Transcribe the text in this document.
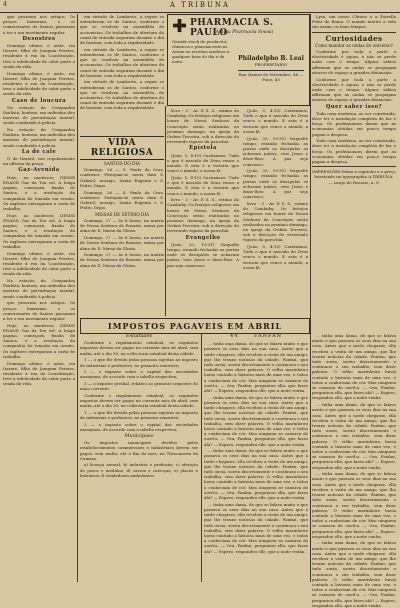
4	A TRIBUNA

que pesavam nos artigos. Os preços baixaram, e os comerciantes de Santos passaram a ter o seu movimento regular.

Desostres

Domingo ultimo, ó noite, em Itararé, filha de Joaquim Pereira, residente á rua da Constituição, teve a infelicidade de cahir parte a senda da vida.

Domingo ultimo, ó noite, em Itararé, filha de Joaquim Pereira, residente á rua da Constituição, teve a infelicidade de cahir parte a senda da vida.

Caso de loucura

Na estação da Companhia Paulista, hontem, um individuo deu mostras de perturbação mental, sendo conduzido á policia.

Na estação da Companhia Paulista, hontem, um individuo deu mostras de perturbação mental, sendo conduzido á policia.

La de cale

O de Itararé, vae regularmente na officina da praça.

Gaz-Avenida

Hoje, ao anoitecer, DESDE ENAND Gaz da Tou sol. A longa pagina, começará, fixada de Santos, e a resolução da companhia foi tomada em sessão. Os ingleses entregaram a carta de trabalho.

Hoje, ao anoitecer, DESDE ENAND Gaz da Tou sol. A longa pagina, começará, fixada de Santos, e a resolução da companhia foi tomada em sessão. Os ingleses entregaram a carta de trabalho.

Domingo ultimo, ó noite, em Itararé, filha de Joaquim Pereira, residente á rua da Constituição, teve a infelicidade de cahir parte a senda da vida.

Na estação da Companhia Paulista, hontem, um individuo deu mostras de perturbação mental, sendo conduzido á policia.

que pesavam nos artigos. Os preços baixaram, e os comerciantes de Santos passaram a ter o seu movimento regular.

Hoje, ao anoitecer, DESDE ENAND Gaz da Tou sol. A longa pagina, começará, fixada de Santos, e a resolução da companhia foi tomada em sessão. Os ingleses entregaram a carta de trabalho.

Domingo ultimo, ó noite, em Itararé, filha de Joaquim Pereira, residente á rua da Constituição, teve a infelicidade de cahir parte a senda da vida.

em virtude de Lamberto, a seguir se entenderam os de Santos, conforme o que se resolveu na assembléa de accionistas. Os trabalhos de abertura do canal de entrada seguiram durante o dia de hontem, com toda a regularidade.

em virtude de Lamberto, a seguir se entenderam os de Santos, conforme o que se resolveu na assembléa de accionistas. Os trabalhos de abertura do canal de entrada seguiram durante o dia de hontem, com toda a regularidade.

em virtude de Lamberto, a seguir se entenderam os de Santos, conforme o que se resolveu na assembléa de accionistas. Os trabalhos de abertura do canal de entrada seguiram durante o dia de hontem, com toda a regularidade.

VIDA RELIGIOSA
SANTOS DO DIA

Domingo, 26 — S. Paulo da Cruz, confessor. Festejam-se nesta data S. Gabriel, arcanjo, Santa Eugenia e S. Pedro, bispo.

Domingo, 26 — S. Paulo da Cruz, confessor. Festejam-se nesta data S. Gabriel, arcanjo, Santa Eugenia e S. Pedro, bispo.

MISSAS DE SÉTIMO DIA

Domingo, 27 — ás 8 horas, na matriz de Nossa Senhora do Rosario, missa por alma de D. Maria da Gloria.

Domingo, 27 — ás 8 horas, na matriz de Nossa Senhora do Rosario, missa por alma de D. Maria da Gloria.

Domingo, 27 — ás 8 horas, na matriz de Nossa Senhora do Rosario, missa por alma de D. Maria da Gloria.

PHARMACIA S. PAULO
(Antiga Pharmacia Sousa)
Grande stock de productos chimicos e pharmaceuticos. Aviam-se receitas medicas a qualquer hora do dia e da noite.	Philadelpho B. Leal
PROPRIETARIO
Rua Quinze de Novembro, 46 — Fone, 43

livro - 3 - Av. E S. S., estimo do Cambuhy. Os festejos religiosos em honra de Nossa Senhora da Conceição serão realizados no proximo domingo, na igreja da Ordem Terceira, sob a direcção do reverendo vigario da parochia.

Epístola

(João, 5, 4-10) Caríssimos: Tudo o que é nascido de Deus vence o mundo. E esta é a victoria que vence o mundo, a nossa fé.

(João, 5, 4-10) Caríssimos: Tudo o que é nascido de Deus vence o mundo. E esta é a victoria que vence o mundo, a nossa fé.

livro - 3 - Av. E S. S., estimo do Cambuhy. Os festejos religiosos em honra de Nossa Senhora da Conceição serão realizados no proximo domingo, na igreja da Ordem Terceira, sob a direcção do reverendo vigario da parochia.

Evangelho

(João, 20, 19-31) Naquelle tempo, estando fechadas as portas onde os discipulos se achavam juntos, veio Jesus e disse-lhes: A paz seja comvosco.

(João, 5, 4-10) Caríssimos: Tudo o que é nascido de Deus vence o mundo. E esta é a victoria que vence o mundo, a nossa fé.

(João, 20, 19-31) Naquelle tempo, estando fechadas as portas onde os discipulos se achavam juntos, veio Jesus e disse-lhes: A paz seja comvosco.

(João, 20, 19-31) Naquelle tempo, estando fechadas as portas onde os discipulos se achavam juntos, veio Jesus e disse-lhes: A paz seja comvosco.

livro - 3 - Av. E S. S., estimo do Cambuhy. Os festejos religiosos em honra de Nossa Senhora da Conceição serão realizados no proximo domingo, na igreja da Ordem Terceira, sob a direcção do reverendo vigario da parochia.

(João, 5, 4-10) Caríssimos: Tudo o que é nascido de Deus vence o mundo. E esta é a victoria que vence o mundo, a nossa fé.

Lyra, um nosso Christo e a Estrella Polar de Roma. O mundo inteiro a vida são assim, os bons tempos.

Curiosidades
Como mandar as ondas do universo?

Conforme por toda a parte a electricidade é agora, e não se perde nada com o tempo. Alguns sábios affirmam que as ondas se propagam atravez do espaço a grandes distancias.

Conforme por toda a parte a electricidade é agora, e não se perde nada com o tempo. Alguns sábios affirmam que as ondas se propagam atravez do espaço a grandes distancias.

Quer saber isso?

Toda casa moderna, ao ser construida, deve ter a instalação completa de luz e força. Os profissionaes dizem que as economias obtidas em pouco tempo pagam a despesa.

Toda casa moderna, ao ser construida, deve ter a instalação completa de luz e força. Os profissionaes dizem que as economias obtidas em pouco tempo pagam a despesa.

IMPRESSÕES feitas a capricho e o preço barateado na typographia A TRIBUNA. — Largo do Rosario, n. 9.

IMPOSTOS PAGAVEIS EM ABRIL
Estaduaes

Conforme o regulamento estadoal, os seguintes impostos devem ser pagos no corrente mez de abril, sem multa, até o dia 30, na collectoria estadoal desta cidade.

1 — o que fôr devido pelas pessoas sujeitas ao imposto de industrias e profissões, no primeiro semestre;

2 — o imposto sobre o capital das sociedades anonymas, de accordo com a tabella respectiva;

3 — o imposto predial, relativo ao primeiro semestre do anno corrente.

Conforme o regulamento estadoal, os seguintes impostos devem ser pagos no corrente mez de abril, sem multa, até o dia 30, na collectoria estadoal desta cidade.

1 — o que fôr devido pelas pessoas sujeitas ao imposto de industrias e profissões, no primeiro semestre;

2 — o imposto sobre o capital das sociedades anonymas, de accordo com a tabella respectiva;

Municipaes

Os impostos municipaes devidos pelos estabelecimentos commerciaes e industriaes devem ser pagos, sem multa, até o fim do mez, na Thesouraria da Camara.

a) licença annual; b) industria e profissão; c) aferição de pesos e medidas; d) carros e carroças; e) placas e lettreiros; f) vendedores ambulantes.

44	FANFAN

... tinha uma dama, de que se falava muito e que passava os seus dias na sua casa. Antes que a tarde chegasse, ella recebeu a visita de um amigo, que lhe trouxe noticias da cidade. Fanfan, que tudo ouvia, sorriu discretamente e continuou o seu trabalho, sem dizer palavra. O velho marinheiro havia contado a historia mais de uma vez, e todos a conheciam de cór. Mas ninguem se cansava de ouvil-a. — Ora, Fanfan, perguntou ella, que fazes ahi? — Espero, respondeu elle, que a noite venha.

... tinha uma dama, de que se falava muito e que passava os seus dias na sua casa. Antes que a tarde chegasse, ella recebeu a visita de um amigo, que lhe trouxe noticias da cidade. Fanfan, que tudo ouvia, sorriu discretamente e continuou o seu trabalho, sem dizer palavra. O velho marinheiro havia contado a historia mais de uma vez, e todos a conheciam de cór. Mas ninguem se cansava de ouvil-a. — Ora, Fanfan, perguntou ella, que fazes ahi? — Espero, respondeu elle, que a noite venha.

... tinha uma dama, de que se falava muito e que passava os seus dias na sua casa. Antes que a tarde chegasse, ella recebeu a visita de um amigo, que lhe trouxe noticias da cidade. Fanfan, que tudo ouvia, sorriu discretamente e continuou o seu trabalho, sem dizer palavra. O velho marinheiro havia contado a historia mais de uma vez, e todos a conheciam de cór. Mas ninguem se cansava de ouvil-a. — Ora, Fanfan, perguntou ella, que fazes ahi? — Espero, respondeu elle, que a noite venha.

... tinha uma dama, de que se falava muito e que passava os seus dias na sua casa. Antes que a tarde chegasse, ella recebeu a visita de um amigo, que lhe trouxe noticias da cidade. Fanfan, que tudo ouvia, sorriu discretamente e continuou o seu trabalho, sem dizer palavra. O velho marinheiro havia contado a historia mais de uma vez, e todos a conheciam de cór. Mas ninguem se cansava de ouvil-a. — Ora, Fanfan, perguntou ella, que fazes ahi? — Espero, respondeu elle, que a noite venha.

... tinha uma dama, de que se falava muito e que passava os seus dias na sua casa. Antes que a tarde chegasse, ella recebeu a visita de um amigo, que lhe trouxe noticias da cidade. Fanfan, que tudo ouvia, sorriu discretamente e continuou o seu trabalho, sem dizer palavra. O velho marinheiro havia contado a historia mais de uma vez, e todos a conheciam de cór. Mas ninguem se cansava de ouvil-a. — Ora, Fanfan, perguntou ella, que fazes ahi? — Espero, respondeu elle, que a noite venha.

... tinha uma dama, de que se falava muito e que passava os seus dias na sua casa. Antes que a tarde chegasse, ella recebeu a visita de um amigo, que lhe trouxe noticias da cidade. Fanfan, que tudo ouvia, sorriu discretamente e continuou o seu trabalho, sem dizer palavra. O velho marinheiro havia contado a historia mais de uma vez, e todos a conheciam de cór. Mas ninguem se cansava de ouvil-a. — Ora, Fanfan, perguntou ella, que fazes ahi? — Espero, respondeu elle, que a noite venha.

... tinha uma dama, de que se falava muito e que passava os seus dias na sua casa. Antes que a tarde chegasse, ella recebeu a visita de um amigo, que lhe trouxe noticias da cidade. Fanfan, que tudo ouvia, sorriu discretamente e continuou o seu trabalho, sem dizer palavra. O velho marinheiro havia contado a historia mais de uma vez, e todos a conheciam de cór. Mas ninguem se cansava de ouvil-a. — Ora, Fanfan, perguntou ella, que fazes ahi? — Espero, respondeu elle, que a noite venha.

... tinha uma dama, de que se falava muito e que passava os seus dias na sua casa. Antes que a tarde chegasse, ella recebeu a visita de um amigo, que lhe trouxe noticias da cidade. Fanfan, que tudo ouvia, sorriu discretamente e continuou o seu trabalho, sem dizer palavra. O velho marinheiro havia contado a historia mais de uma vez, e todos a conheciam de cór. Mas ninguem se cansava de ouvil-a. — Ora, Fanfan, perguntou ella, que fazes ahi? — Espero, respondeu elle, que a noite venha.
